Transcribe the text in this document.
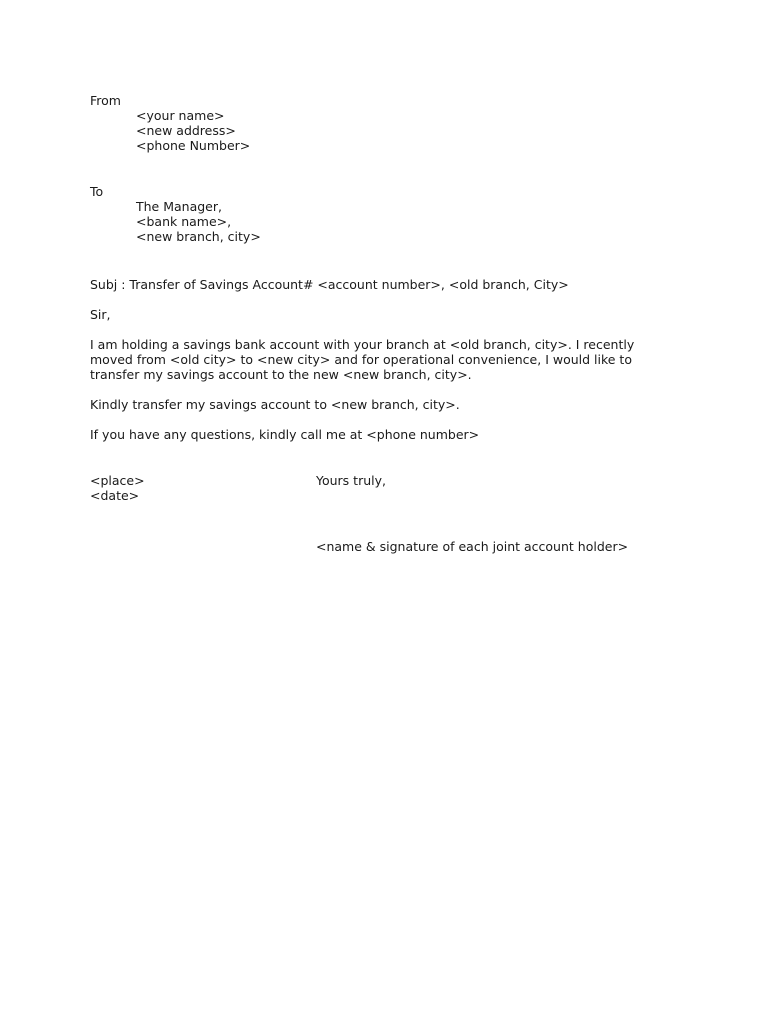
From

<your name>

<new address>

<phone Number>

To

The Manager,

<bank name>,

<new branch, city>

Subj : Transfer of Savings Account# <account number>, <old branch, City>

Sir,

I am holding a savings bank account with your branch at <old branch, city>. I recently
moved from <old city> to <new city> and for operational convenience, I would like to
transfer my savings account to the new <new branch, city>.

Kindly transfer my savings account to <new branch, city>.

If you have any questions, kindly call me at <phone number>

<place>	Yours truly,

<date>

<name & signature of each joint account holder>
